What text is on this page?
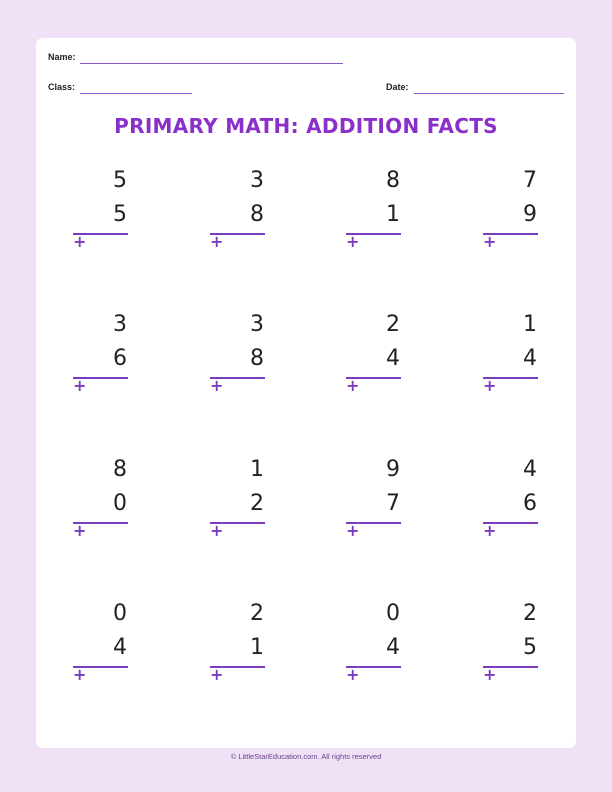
Name:
Class:	Date:
PRIMARY MATH: ADDITION FACTS
5
5
+
3
8
+
8
1
+
7
9
+
3
6
+
3
8
+
2
4
+
1
4
+
8
0
+
1
2
+
9
7
+
4
6
+
0
4
+
2
1
+
0
4
+
2
5
+
© LittleStarEducation.com. All rights reserved
